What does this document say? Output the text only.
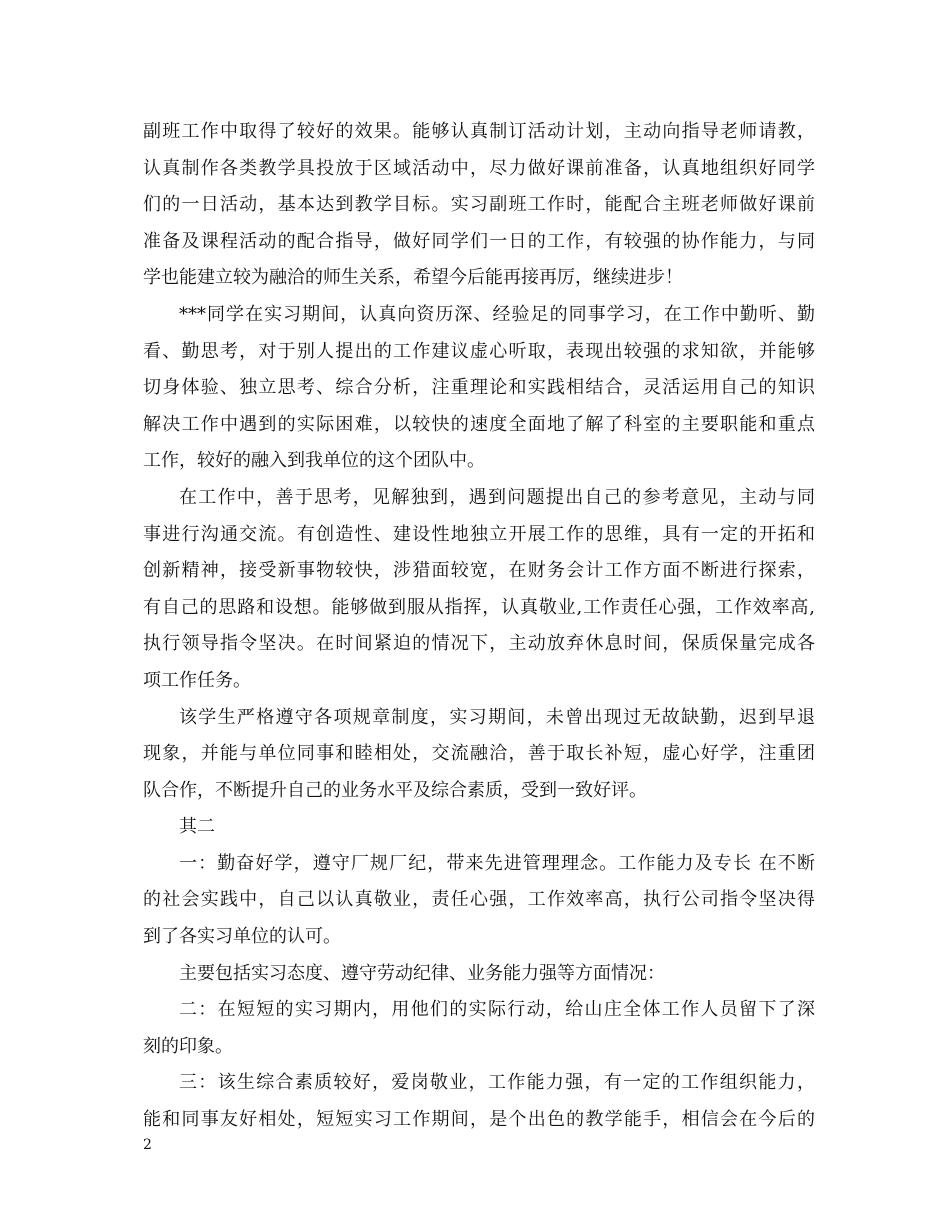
副班工作中取得了较好的效果。能够认真制订活动计划，主动向指导老师请教，
认真制作各类教学具投放于区域活动中，尽力做好课前准备，认真地组织好同学
们的一日活动，基本达到教学目标。实习副班工作时，能配合主班老师做好课前
准备及课程活动的配合指导，做好同学们一日的工作，有较强的协作能力，与同
学也能建立较为融洽的师生关系，希望今后能再接再厉，继续进步！
***同学在实习期间，认真向资历深、经验足的同事学习，在工作中勤听、勤
看、勤思考，对于别人提出的工作建议虚心听取，表现出较强的求知欲，并能够
切身体验、独立思考、综合分析，注重理论和实践相结合，灵活运用自己的知识
解决工作中遇到的实际困难，以较快的速度全面地了解了科室的主要职能和重点
工作，较好的融入到我单位的这个团队中。
在工作中，善于思考，见解独到，遇到问题提出自己的参考意见，主动与同
事进行沟通交流。有创造性、建设性地独立开展工作的思维，具有一定的开拓和
创新精神，接受新事物较快，涉猎面较宽，在财务会计工作方面不断进行探索，
有自己的思路和设想。能够做到服从指挥，认真敬业,工作责任心强，工作效率高,
执行领导指令坚决。在时间紧迫的情况下，主动放弃休息时间，保质保量完成各
项工作任务。
该学生严格遵守各项规章制度，实习期间，未曾出现过无故缺勤，迟到早退
现象，并能与单位同事和睦相处，交流融洽，善于取长补短，虚心好学，注重团
队合作，不断提升自己的业务水平及综合素质，受到一致好评。
其二
一：勤奋好学，遵守厂规厂纪，带来先进管理理念。工作能力及专长 在不断
的社会实践中，自己以认真敬业，责任心强，工作效率高，执行公司指令坚决得
到了各实习单位的认可。
主要包括实习态度、遵守劳动纪律、业务能力强等方面情况：
二：在短短的实习期内，用他们的实际行动，给山庄全体工作人员留下了深
刻的印象。
三：该生综合素质较好，爱岗敬业，工作能力强，有一定的工作组织能力，
能和同事友好相处，短短实习工作期间，是个出色的教学能手，相信会在今后的
2
